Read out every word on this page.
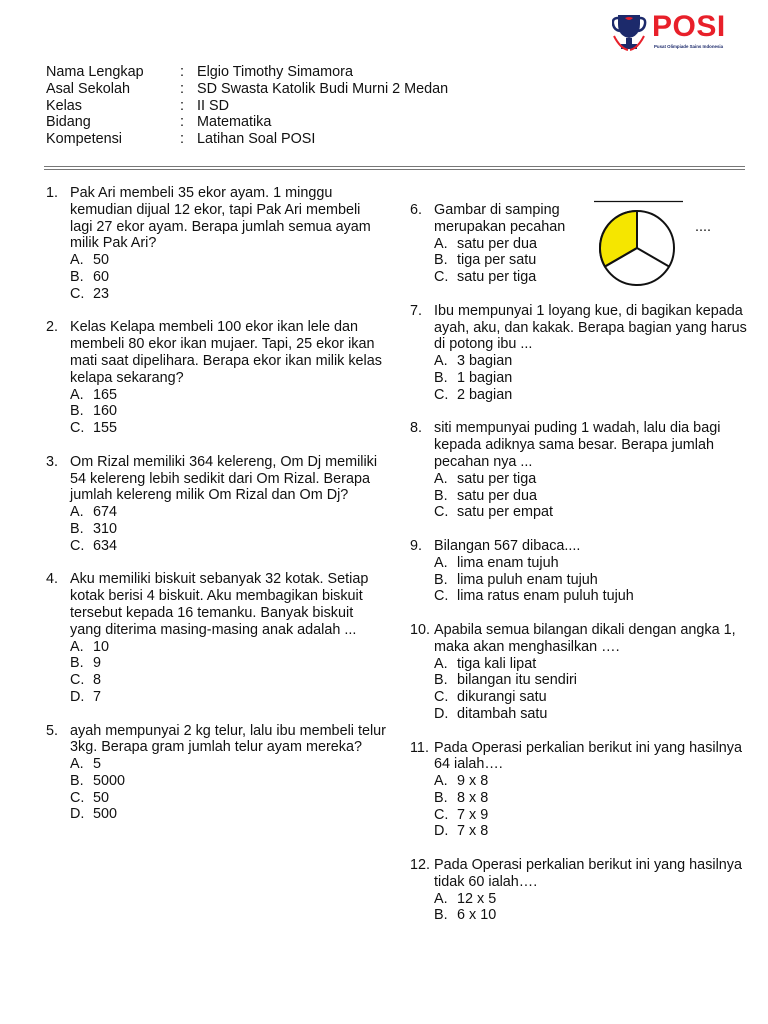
POSI
Pusat Olimpiade Sains Indonesia
Nama Lengkap	: Elgio Timothy Simamora
Asal Sekolah	: SD Swasta Katolik Budi Murni 2 Medan
Kelas	: II SD
Bidang	: Matematika
Kompetensi	: Latihan Soal POSI
1. Pak Ari membeli 35 ekor ayam. 1 minggu kemudian dijual 12 ekor, tapi Pak Ari membeli lagi 27 ekor ayam. Berapa jumlah semua ayam milik Pak Ari?
A. 50
B. 60
C. 23
2. Kelas Kelapa membeli 100 ekor ikan lele dan membeli 80 ekor ikan mujaer. Tapi, 25 ekor ikan mati saat dipelihara. Berapa ekor ikan milik kelas kelapa sekarang?
A. 165
B. 160
C. 155
3. Om Rizal memiliki 364 kelereng, Om Dj memiliki 54 kelereng lebih sedikit dari Om Rizal. Berapa jumlah kelereng milik Om Rizal dan Om Dj?
A. 674
B. 310
C. 634
4. Aku memiliki biskuit sebanyak 32 kotak. Setiap kotak berisi 4 biskuit. Aku membagikan biskuit tersebut kepada 16 temanku. Banyak biskuit yang diterima masing-masing anak adalah ...
A. 10
B. 9
C. 8
D. 7
5. ayah mempunyai 2 kg telur, lalu ibu membeli telur 3kg. Berapa gram jumlah telur ayam mereka?
A. 5
B. 5000
C. 50
D. 500
6. Gambar di samping merupakan pecahan
A. satu per dua
B. tiga per satu
C. satu per tiga
7. Ibu mempunyai 1 loyang kue, di bagikan kepada ayah, aku, dan kakak. Berapa bagian yang harus di potong ibu ...
A. 3 bagian
B. 1 bagian
C. 2 bagian
8. siti mempunyai puding 1 wadah, lalu dia bagi kepada adiknya sama besar. Berapa jumlah pecahan nya ...
A. satu per tiga
B. satu per dua
C. satu per empat
9. Bilangan 567 dibaca....
A. lima enam tujuh
B. lima puluh enam tujuh
C. lima ratus enam puluh tujuh
10. Apabila semua bilangan dikali dengan angka 1, maka akan menghasilkan ….
A. tiga kali lipat
B. bilangan itu sendiri
C. dikurangi satu
D. ditambah satu
11. Pada Operasi perkalian berikut ini yang hasilnya 64 ialah….
A. 9 x 8
B. 8 x 8
C. 7 x 9
D. 7 x 8
12. Pada Operasi perkalian berikut ini yang hasilnya tidak 60 ialah….
A. 12 x 5
B. 6 x 10
....
